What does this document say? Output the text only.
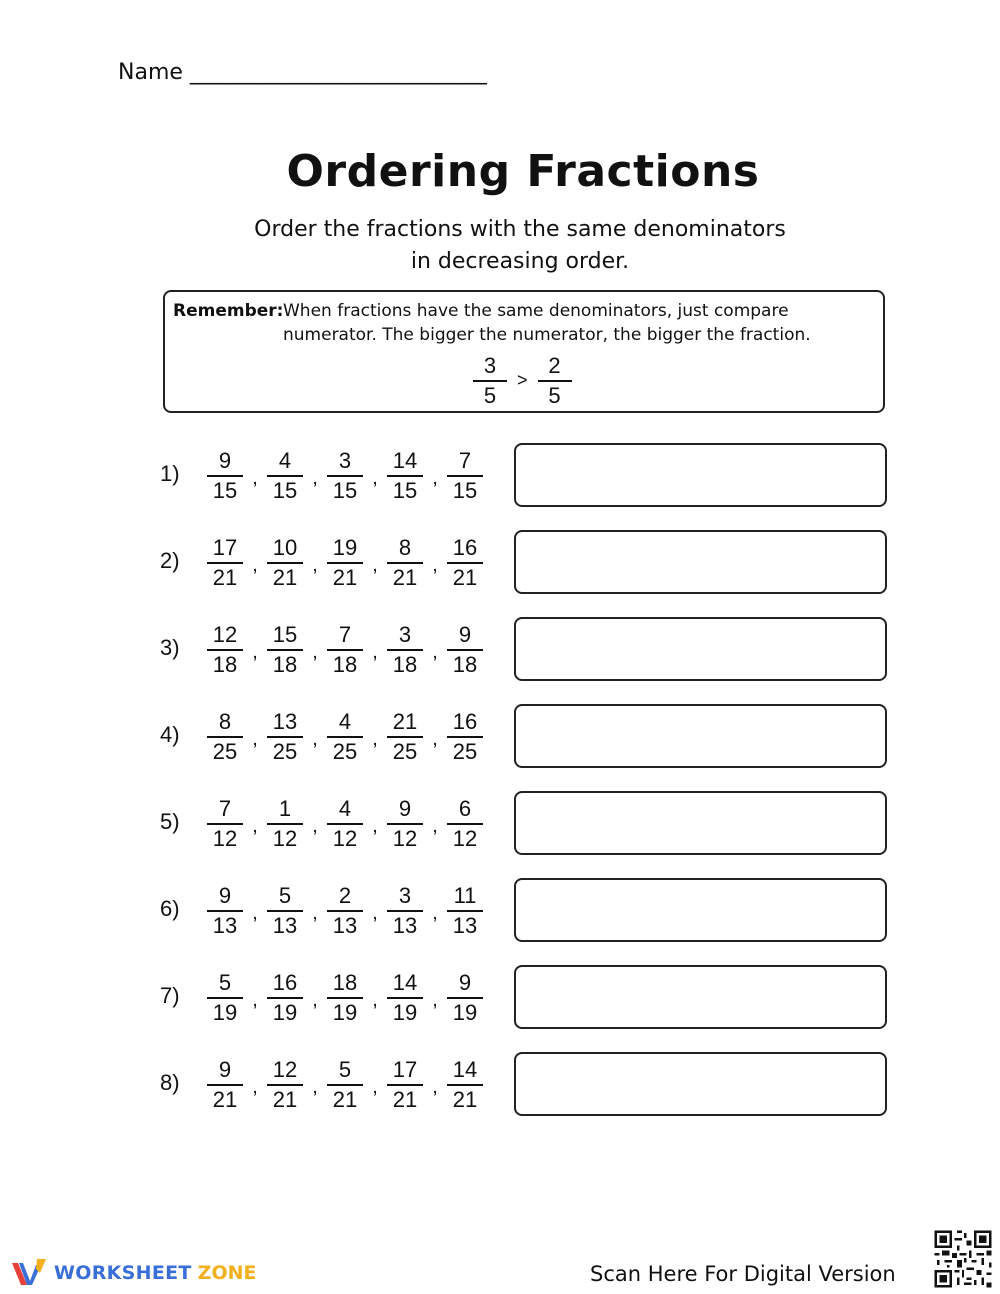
Name ___________________________
Ordering Fractions
Order the fractions with the same denominators
in decreasing order.
Remember: When fractions have the same denominators, just compare
numerator. The bigger the numerator, the bigger the fraction.
$\frac{3}{5} > \frac{2}{5}$
$1) \frac{9}{15}$ , $\frac{4}{15}$ , $\frac{3}{15}$ , $\frac{14}{15}$ , $\frac{7}{15}$
$2) \frac{17}{21}$ , $\frac{10}{21}$ , $\frac{19}{21}$ , $\frac{8}{21}$ , $\frac{16}{21}$
$3) \frac{12}{18}$ , $\frac{15}{18}$ , $\frac{7}{18}$ , $\frac{3}{18}$ , $\frac{9}{18}$
$4) \frac{8}{25}$ , $\frac{13}{25}$ , $\frac{4}{25}$ , $\frac{21}{25}$ , $\frac{16}{25}$
$5) \frac{7}{12}$ , $\frac{1}{12}$ , $\frac{4}{12}$ , $\frac{9}{12}$ , $\frac{6}{12}$
$6) \frac{9}{13}$ , $\frac{5}{13}$ , $\frac{2}{13}$ , $\frac{3}{13}$ , $\frac{11}{13}$
$7) \frac{5}{19}$ , $\frac{16}{19}$ , $\frac{18}{19}$ , $\frac{14}{19}$ , $\frac{9}{19}$
$8) \frac{9}{21}$ , $\frac{12}{21}$ , $\frac{5}{21}$ , $\frac{17}{21}$ , $\frac{14}{21}$
WORKSHEET ZONE	Scan Here For Digital Version
